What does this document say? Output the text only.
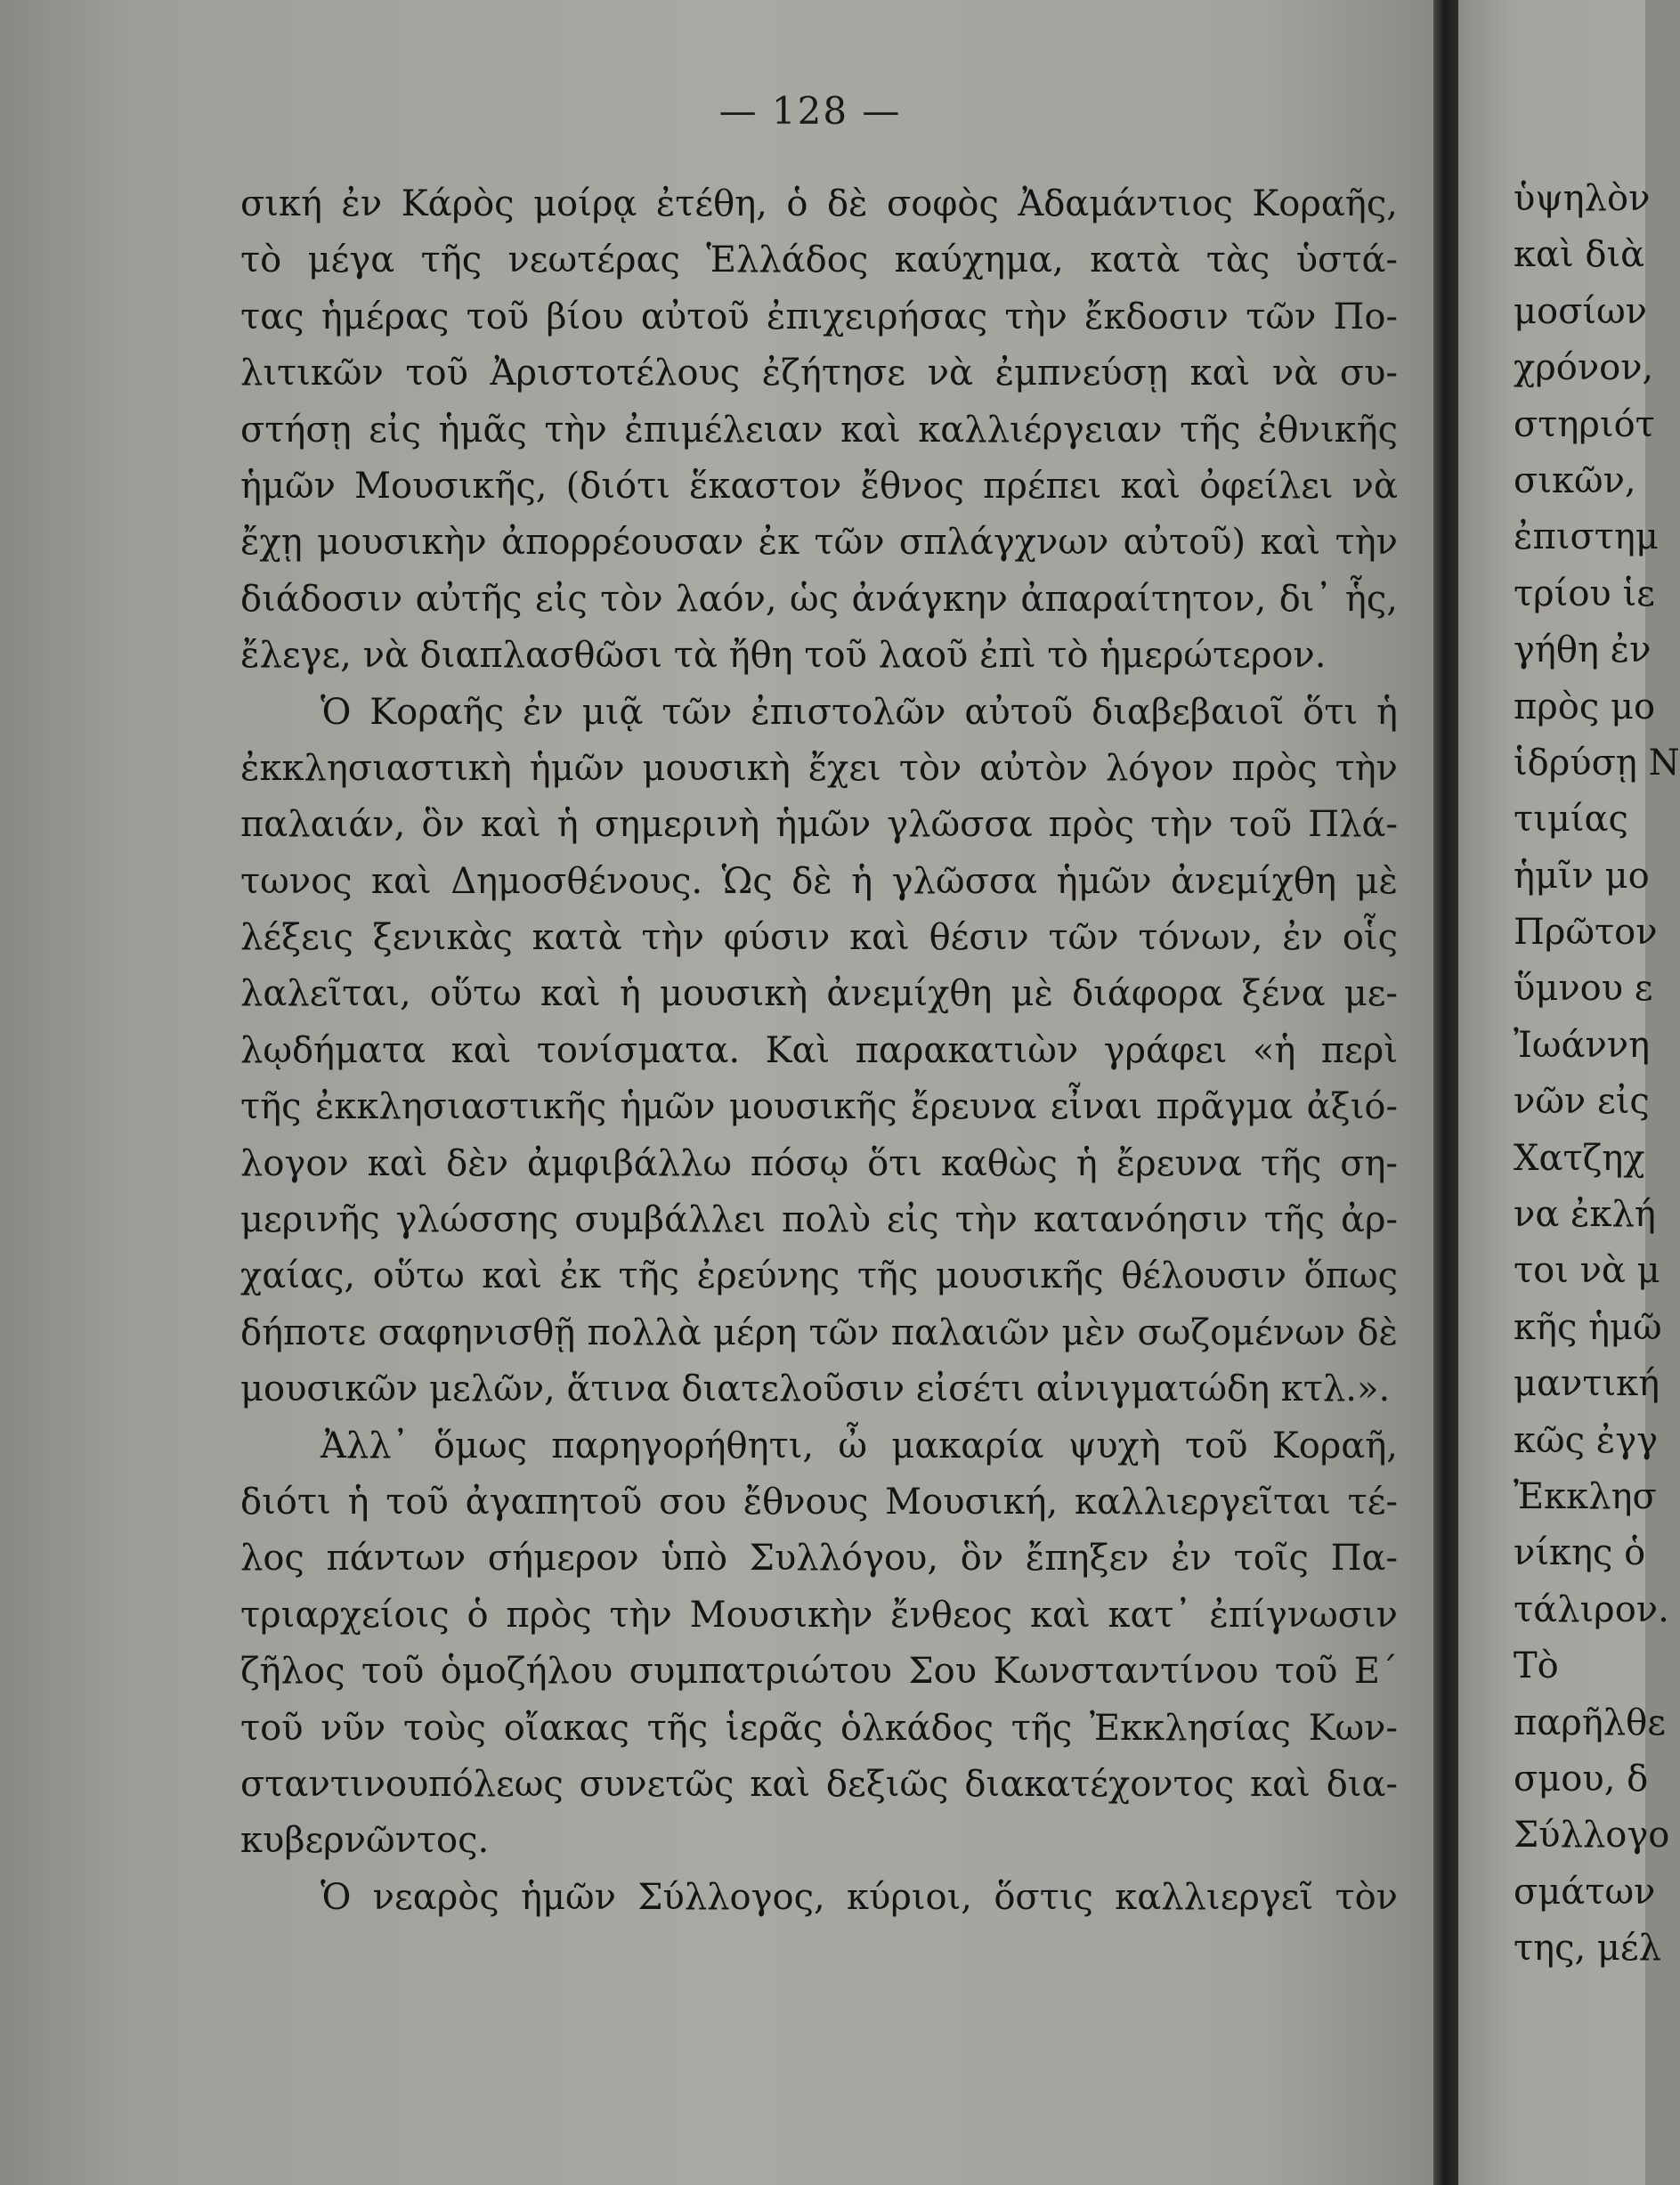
— 128 —
σική ἐν Κάρὸς μοίρᾳ ἐτέθη, ὁ δὲ σοφὸς Ἀδαμάντιος Κοραῆς,
τὸ μέγα τῆς νεωτέρας Ἑλλάδος καύχημα, κατὰ τὰς ὑστά-
τας ἡμέρας τοῦ βίου αὐτοῦ ἐπιχειρήσας τὴν ἔκδοσιν τῶν Πο-
λιτικῶν τοῦ Ἀριστοτέλους ἐζήτησε νὰ ἐμπνεύσῃ καὶ νὰ συ-
στήσῃ εἰς ἡμᾶς τὴν ἐπιμέλειαν καὶ καλλιέργειαν τῆς ἐθνικῆς
ἡμῶν Μουσικῆς, (διότι ἕκαστον ἔθνος πρέπει καὶ ὀφείλει νὰ
ἔχῃ μουσικὴν ἀπορρέουσαν ἐκ τῶν σπλάγχνων αὐτοῦ) καὶ τὴν
διάδοσιν αὐτῆς εἰς τὸν λαόν, ὡς ἀνάγκην ἀπαραίτητον, δι᾽ ἧς,
ἔλεγε, νὰ διαπλασθῶσι τὰ ἤθη τοῦ λαοῦ ἐπὶ τὸ ἡμερώτερον.
Ὁ Κοραῆς ἐν μιᾷ τῶν ἐπιστολῶν αὐτοῦ διαβεβαιοῖ ὅτι ἡ
ἐκκλησιαστικὴ ἡμῶν μουσικὴ ἔχει τὸν αὐτὸν λόγον πρὸς τὴν
παλαιάν, ὃν καὶ ἡ σημερινὴ ἡμῶν γλῶσσα πρὸς τὴν τοῦ Πλά-
τωνος καὶ Δημοσθένους. Ὡς δὲ ἡ γλῶσσα ἡμῶν ἀνεμίχθη μὲ
λέξεις ξενικὰς κατὰ τὴν φύσιν καὶ θέσιν τῶν τόνων, ἐν οἷς
λαλεῖται, οὕτω καὶ ἡ μουσικὴ ἀνεμίχθη μὲ διάφορα ξένα με-
λῳδήματα καὶ τονίσματα. Καὶ παρακατιὼν γράφει «ἡ περὶ
τῆς ἐκκλησιαστικῆς ἡμῶν μουσικῆς ἔρευνα εἶναι πρᾶγμα ἀξιό-
λογον καὶ δὲν ἀμφιβάλλω πόσῳ ὅτι καθὼς ἡ ἔρευνα τῆς ση-
μερινῆς γλώσσης συμβάλλει πολὺ εἰς τὴν κατανόησιν τῆς ἀρ-
χαίας, οὕτω καὶ ἐκ τῆς ἐρεύνης τῆς μουσικῆς θέλουσιν ὅπως
δήποτε σαφηνισθῇ πολλὰ μέρη τῶν παλαιῶν μὲν σωζομένων δὲ
μουσικῶν μελῶν, ἅτινα διατελοῦσιν εἰσέτι αἰνιγματώδη κτλ.».
Ἀλλ᾽ ὅμως παρηγορήθητι, ὦ μακαρία ψυχὴ τοῦ Κοραῆ,
διότι ἡ τοῦ ἀγαπητοῦ σου ἔθνους Μουσική, καλλιεργεῖται τέ-
λος πάντων σήμερον ὑπὸ Συλλόγου, ὃν ἔπηξεν ἐν τοῖς Πα-
τριαρχείοις ὁ πρὸς τὴν Μουσικὴν ἔνθεος καὶ κατ᾽ ἐπίγνωσιν
ζῆλος τοῦ ὁμοζήλου συμπατριώτου Σου Κωνσταντίνου τοῦ Ε´
τοῦ νῦν τοὺς οἴακας τῆς ἱερᾶς ὁλκάδος τῆς Ἐκκλησίας Κων-
σταντινουπόλεως συνετῶς καὶ δεξιῶς διακατέχοντος καὶ δια-
κυβερνῶντος.
Ὁ νεαρὸς ἡμῶν Σύλλογος, κύριοι, ὅστις καλλιεργεῖ τὸν
ὑψηλὸν
καὶ διὰ
μοσίων
χρόνον,
στηριότ
σικῶν,
ἐπιστημ
τρίου ἱε
γήθη ἐν
πρὸς μο
ἱδρύσῃ Ν
τιμίας
ἡμῖν μο
Πρῶτον
ὕμνου ε
Ἰωάννη
νῶν εἰς
Χατζηχ
να ἐκλή
τοι νὰ μ
κῆς ἡμῶ
μαντική
κῶς ἐγγ
Ἐκκλησ
νίκης ὁ
τάλιρον.
Τὸ
παρῆλθε
σμου, δ
Σύλλογο
σμάτων
της, μέλ
